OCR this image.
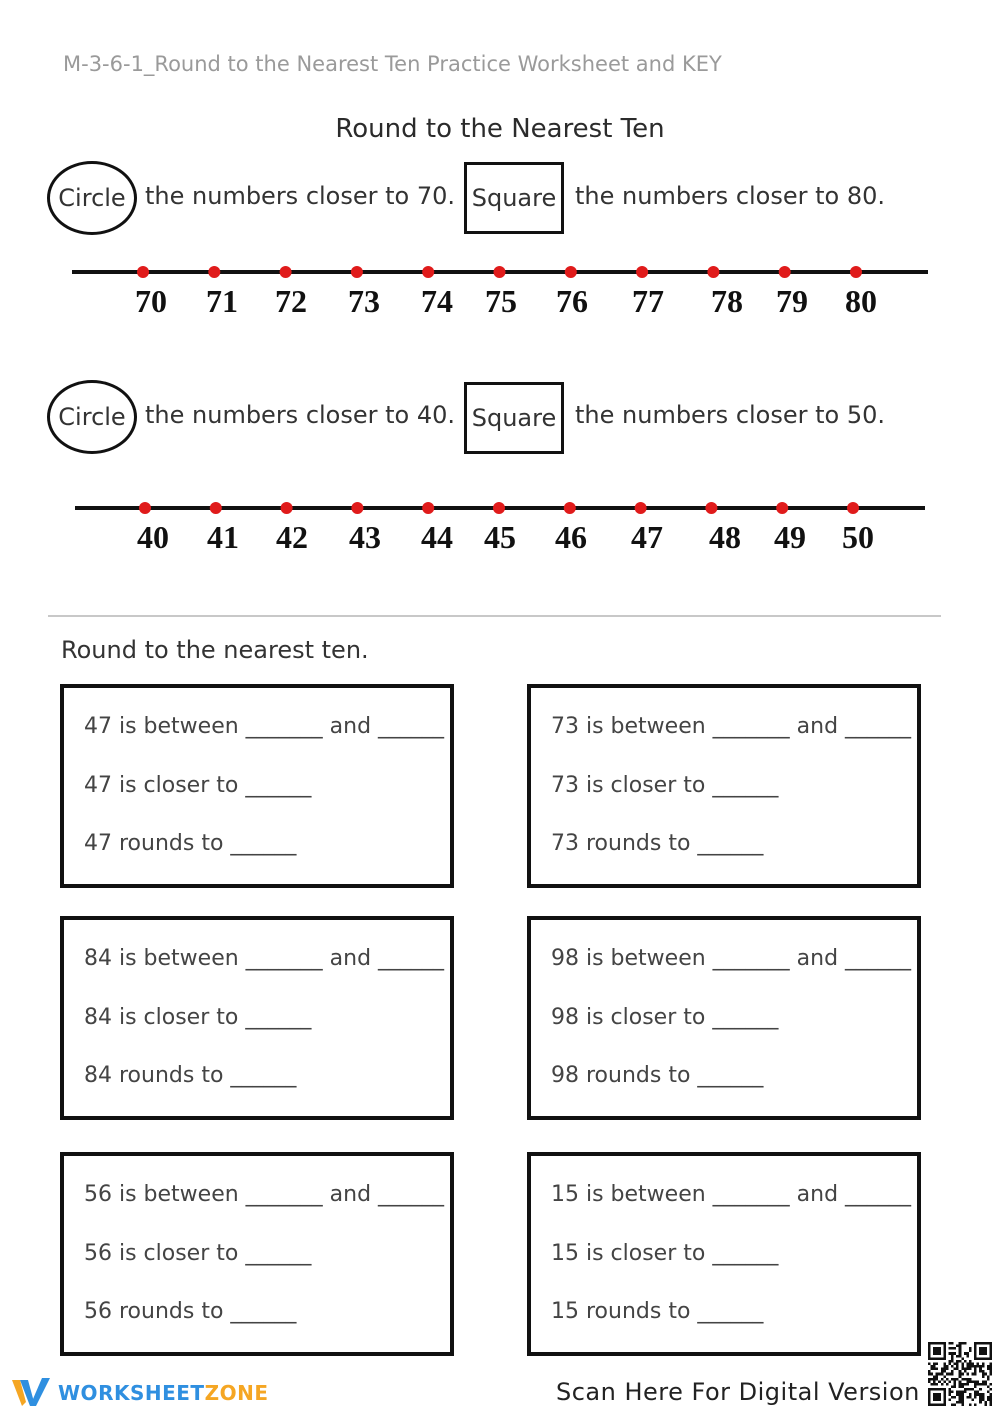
M-3-6-1_Round to the Nearest Ten Practice Worksheet and KEY
Round to the Nearest Ten
Circle the numbers closer to 70. Square the numbers closer to 80.
70 71 72 73 74 75 76 77 78 79 80
Circle the numbers closer to 40. Square the numbers closer to 50.
40 41 42 43 44 45 46 47 48 49 50
Round to the nearest ten.
47 is between _______ and ______
47 is closer to ______
47 rounds to ______
73 is between _______ and ______
73 is closer to ______
73 rounds to ______
84 is between _______ and ______
84 is closer to ______
84 rounds to ______
98 is between _______ and ______
98 is closer to ______
98 rounds to ______
56 is between _______ and ______
56 is closer to ______
56 rounds to ______
15 is between _______ and ______
15 is closer to ______
15 rounds to ______
WORKSHEETZONE	Scan Here For Digital Version
